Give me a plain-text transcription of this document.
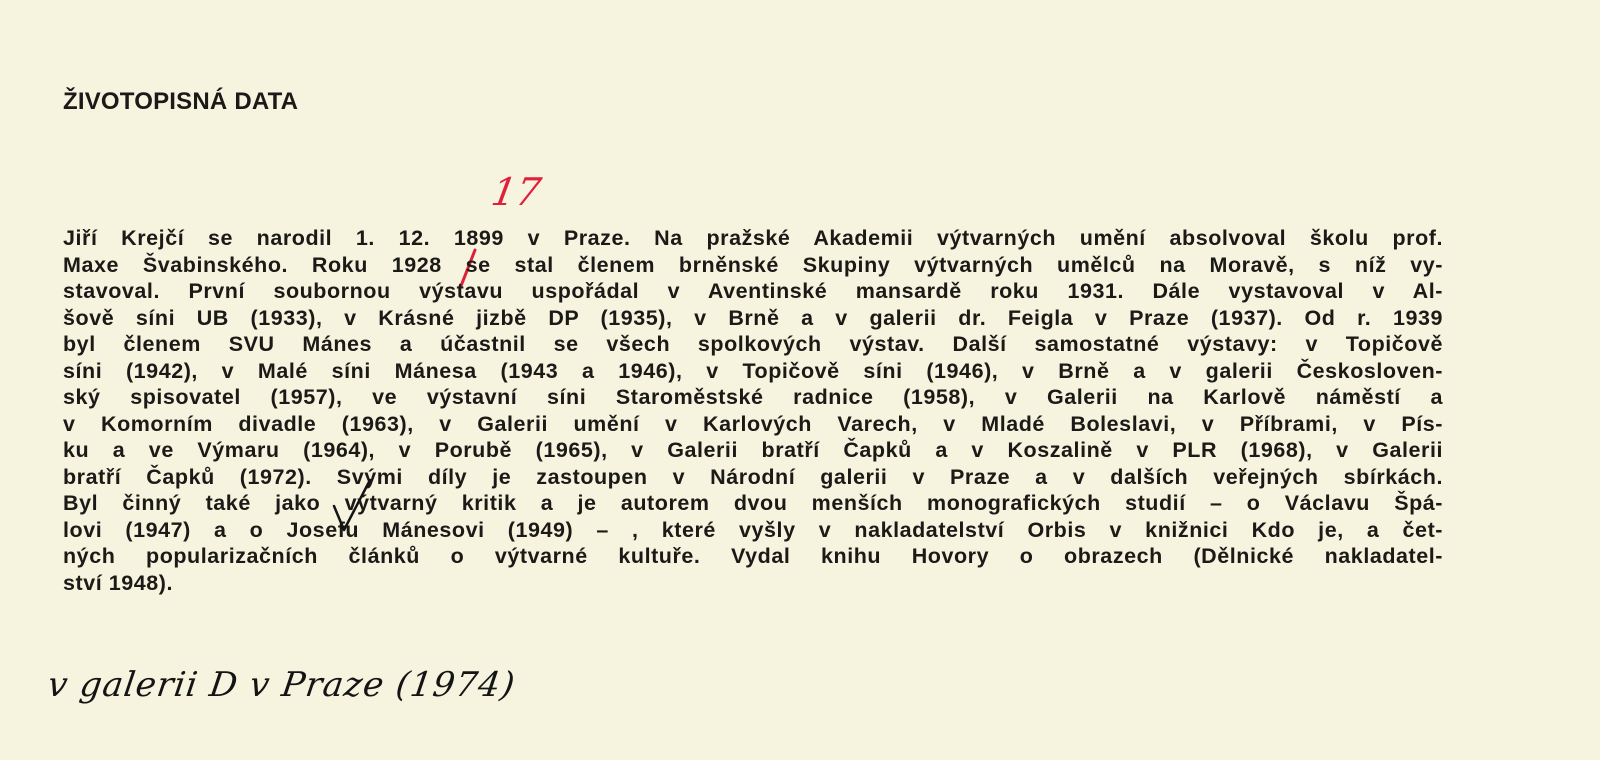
ŽIVOTOPISNÁ DATA
17
Jiří Krejčí se narodil 1. 12. 1899 v Praze. Na pražské Akademii výtvarných umění absolvoval školu prof.
Maxe Švabinského. Roku 1928 se stal členem brněnské Skupiny výtvarných umělců na Moravě, s níž vy-
stavoval. První soubornou výstavu uspořádal v Aventinské mansardě roku 1931. Dále vystavoval v Al-
šově síni UB (1933), v Krásné jizbě DP (1935), v Brně a v galerii dr. Feigla v Praze (1937). Od r. 1939
byl členem SVU Mánes a účastnil se všech spolkových výstav. Další samostatné výstavy: v Topičově
síni (1942), v Malé síni Mánesa (1943 a 1946), v Topičově síni (1946), v Brně a v galerii Českosloven-
ský spisovatel (1957), ve výstavní síni Staroměstské radnice (1958), v Galerii na Karlově náměstí a
v Komorním divadle (1963), v Galerii umění v Karlových Varech, v Mladé Boleslavi, v Příbrami, v Pís-
ku a ve Výmaru (1964), v Porubě (1965), v Galerii bratří Čapků a v Koszalině v PLR (1968), v Galerii
bratří Čapků (1972). Svými díly je zastoupen v Národní galerii v Praze a v dalších veřejných sbírkách.
Byl činný také jako výtvarný kritik a je autorem dvou menších monografických studií – o Václavu Špá-
lovi (1947) a o Josefu Mánesovi (1949) – , které vyšly v nakladatelství Orbis v knižnici Kdo je, a čet-
ných popularizačních článků o výtvarné kultuře. Vydal knihu Hovory o obrazech (Dělnické nakladatel-
ství 1948).
v galerii D v Praze (1974)
